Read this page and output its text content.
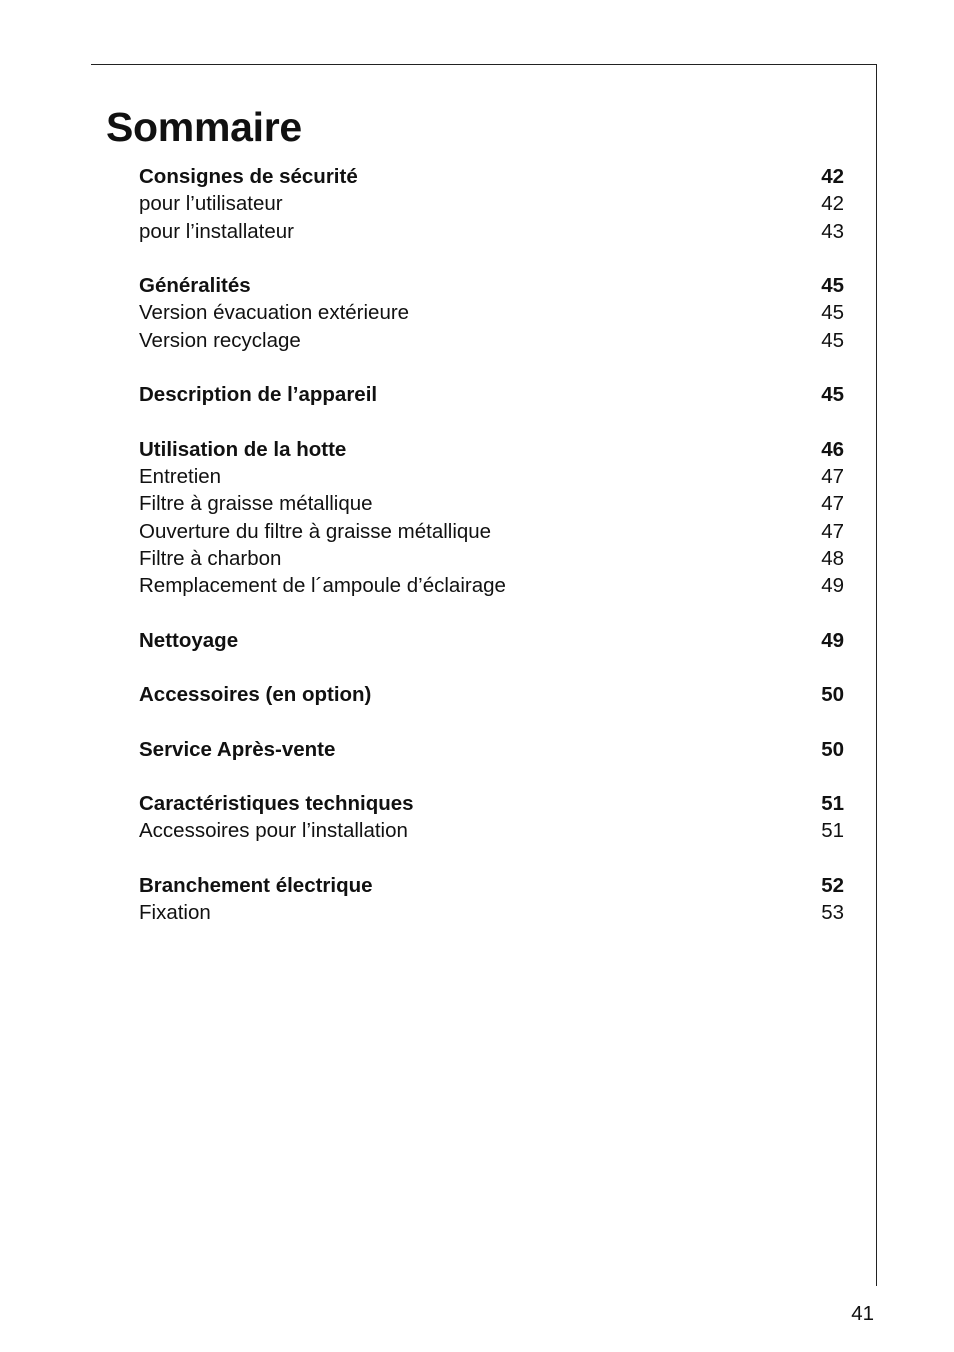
Sommaire
Consignes de sécurité	42
pour l’utilisateur	42
pour l’installateur	43
Généralités	45
Version évacuation extérieure	45
Version recyclage	45
Description de l’appareil	45
Utilisation de la hotte	46
Entretien	47
Filtre à graisse métallique	47
Ouverture du filtre à graisse métallique	47
Filtre à charbon	48
Remplacement de l´ampoule d’éclairage	49
Nettoyage	49
Accessoires (en option)	50
Service Après-vente	50
Caractéristiques techniques	51
Accessoires pour l’installation	51
Branchement électrique	52
Fixation	53
41
